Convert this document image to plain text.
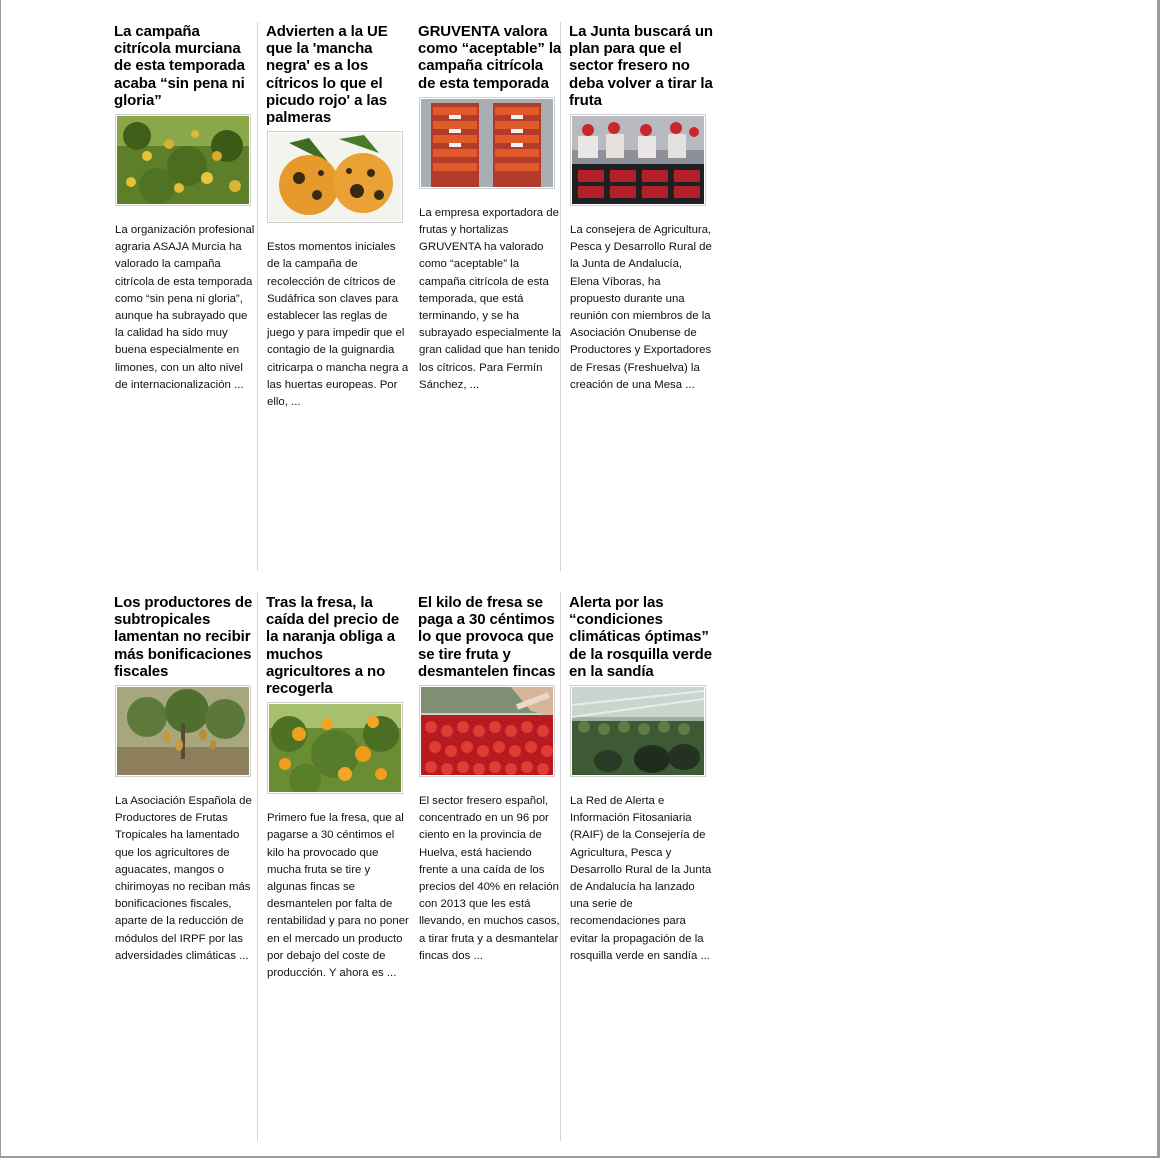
La campaña citrícola murciana de esta temporada acaba “sin pena ni gloria”

La organización profesional agraria ASAJA Murcia ha valorado la campaña citrícola de esta temporada como “sin pena ni gloria”, aunque ha subrayado que la calidad ha sido muy buena especialmente en limones, con un alto nivel de internacionalización ...

Advierten a la UE que la 'mancha negra' es a los cítricos lo que el picudo rojo' a las palmeras

Estos momentos iniciales de la campaña de recolección de cítricos de Sudáfrica son claves para establecer las reglas de juego y para impedir que el contagio de la guignardia citricarpa o mancha negra a las huertas europeas. Por ello, ...

GRUVENTA valora como “aceptable” la campaña citrícola de esta temporada

La empresa exportadora de frutas y hortalizas GRUVENTA ha valorado como “aceptable” la campaña citrícola de esta temporada, que está terminando, y se ha subrayado especialmente la gran calidad que han tenido los cítricos. Para Fermín Sánchez, ...

La Junta buscará un plan para que el sector fresero no deba volver a tirar la fruta

La consejera de Agricultura, Pesca y Desarrollo Rural de la Junta de Andalucía, Elena Víboras, ha propuesto durante una reunión con miembros de la Asociación Onubense de Productores y Exportadores de Fresas (Freshuelva) la creación de una Mesa ...

Los productores de subtropicales lamentan no recibir más bonificaciones fiscales

La Asociación Española de Productores de Frutas Tropicales ha lamentado que los agricultores de aguacates, mangos o chirimoyas no reciban más bonificaciones fiscales, aparte de la reducción de módulos del IRPF por las adversidades climáticas ...

Tras la fresa, la caída del precio de la naranja obliga a muchos agricultores a no recogerla

Primero fue la fresa, que al pagarse a 30 céntimos el kilo ha provocado que mucha fruta se tire y algunas fincas se desmantelen por falta de rentabilidad y para no poner en el mercado un producto por debajo del coste de producción. Y ahora es ...

El kilo de fresa se paga a 30 céntimos lo que provoca que se tire fruta y desmantelen fincas

El sector fresero español, concentrado en un 96 por ciento en la provincia de Huelva, está haciendo frente a una caída de los precios del 40% en relación con 2013 que les está llevando, en muchos casos, a tirar fruta y a desmantelar fincas dos ...

Alerta por las “condiciones climáticas óptimas” de la rosquilla verde en la sandía

La Red de Alerta e Información Fitosaniaria (RAIF) de la Consejería de Agricultura, Pesca y Desarrollo Rural de la Junta de Andalucía ha lanzado una serie de recomendaciones para evitar la propagación de la rosquilla verde en sandía ...
